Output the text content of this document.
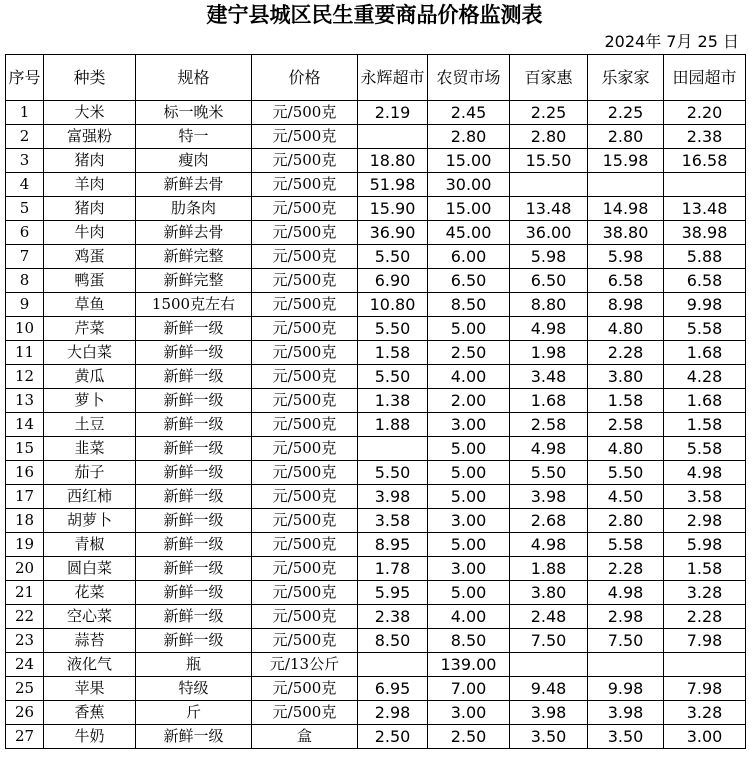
建宁县城区民生重要商品价格监测表
2024年 7月 25 日
序号	种类	规格	价格	永辉超市	农贸市场	百家惠	乐家家	田园超市
1	大米	标一晚米	元/500克	2.19	2.45	2.25	2.25	2.20
2	富强粉	特一	元/500克		2.80	2.80	2.80	2.38
3	猪肉	瘦肉	元/500克	18.80	15.00	15.50	15.98	16.58
4	羊肉	新鲜去骨	元/500克	51.98	30.00			
5	猪肉	肋条肉	元/500克	15.90	15.00	13.48	14.98	13.48
6	牛肉	新鲜去骨	元/500克	36.90	45.00	36.00	38.80	38.98
7	鸡蛋	新鲜完整	元/500克	5.50	6.00	5.98	5.98	5.88
8	鸭蛋	新鲜完整	元/500克	6.90	6.50	6.50	6.58	6.58
9	草鱼	1500克左右	元/500克	10.80	8.50	8.80	8.98	9.98
10	芹菜	新鲜一级	元/500克	5.50	5.00	4.98	4.80	5.58
11	大白菜	新鲜一级	元/500克	1.58	2.50	1.98	2.28	1.68
12	黄瓜	新鲜一级	元/500克	5.50	4.00	3.48	3.80	4.28
13	萝卜	新鲜一级	元/500克	1.38	2.00	1.68	1.58	1.68
14	土豆	新鲜一级	元/500克	1.88	3.00	2.58	2.58	1.58
15	韭菜	新鲜一级	元/500克		5.00	4.98	4.80	5.58
16	茄子	新鲜一级	元/500克	5.50	5.00	5.50	5.50	4.98
17	西红柿	新鲜一级	元/500克	3.98	5.00	3.98	4.50	3.58
18	胡萝卜	新鲜一级	元/500克	3.58	3.00	2.68	2.80	2.98
19	青椒	新鲜一级	元/500克	8.95	5.00	4.98	5.58	5.98
20	圆白菜	新鲜一级	元/500克	1.78	3.00	1.88	2.28	1.58
21	花菜	新鲜一级	元/500克	5.95	5.00	3.80	4.98	3.28
22	空心菜	新鲜一级	元/500克	2.38	4.00	2.48	2.98	2.28
23	蒜苔	新鲜一级	元/500克	8.50	8.50	7.50	7.50	7.98
24	液化气	瓶	元/13公斤		139.00			
25	苹果	特级	元/500克	6.95	7.00	9.48	9.98	7.98
26	香蕉	斤	元/500克	2.98	3.00	3.98	3.98	3.28
27	牛奶	新鲜一级	盒	2.50	2.50	3.50	3.50	3.00
